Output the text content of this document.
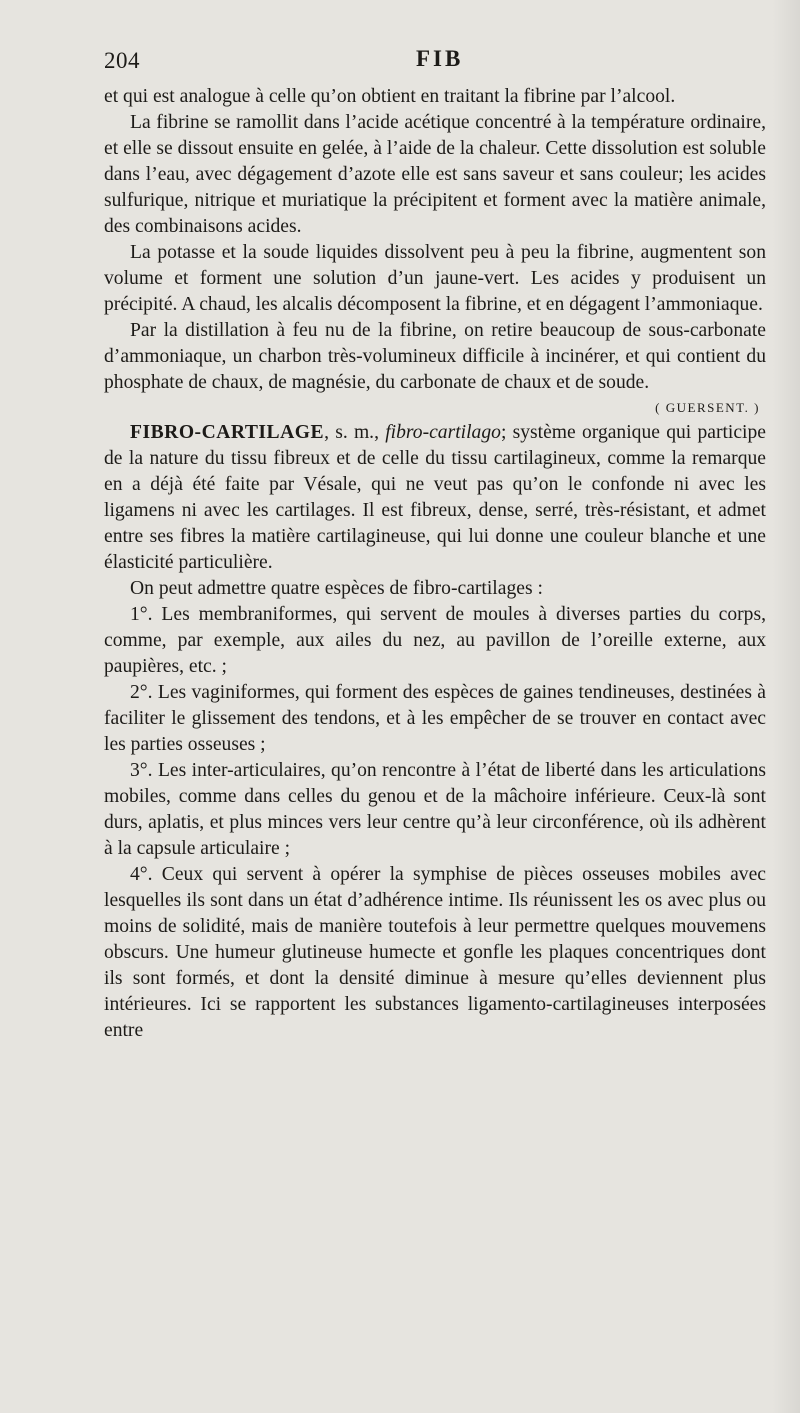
204	FIB

et qui est analogue à celle qu’on obtient en traitant la fibrine par l’alcool.

La fibrine se ramollit dans l’acide acétique concentré à la température ordinaire, et elle se dissout ensuite en gelée, à l’aide de la chaleur. Cette dissolution est soluble dans l’eau, avec dégagement d’azote elle est sans saveur et sans couleur; les acides sulfurique, nitrique et muriatique la précipitent et forment avec la matière animale, des combinaisons acides.

La potasse et la soude liquides dissolvent peu à peu la fibrine, augmentent son volume et forment une solution d’un jaune-vert. Les acides y produisent un précipité. A chaud, les alcalis décomposent la fibrine, et en dégagent l’ammoniaque.

Par la distillation à feu nu de la fibrine, on retire beaucoup de sous-carbonate d’ammoniaque, un charbon très-volumineux difficile à incinérer, et qui contient du phosphate de chaux, de magnésie, du carbonate de chaux et de soude.

( GUERSENT. )

FIBRO-CARTILAGE, s. m., fibro-cartilago; système organique qui participe de la nature du tissu fibreux et de celle du tissu cartilagineux, comme la remarque en a déjà été faite par Vésale, qui ne veut pas qu’on le confonde ni avec les ligamens ni avec les cartilages. Il est fibreux, dense, serré, très-résistant, et admet entre ses fibres la matière cartilagineuse, qui lui donne une couleur blanche et une élasticité particulière.

On peut admettre quatre espèces de fibro-cartilages :

1°. Les membraniformes, qui servent de moules à diverses parties du corps, comme, par exemple, aux ailes du nez, au pavillon de l’oreille externe, aux paupières, etc. ;

2°. Les vaginiformes, qui forment des espèces de gaines tendineuses, destinées à faciliter le glissement des tendons, et à les empêcher de se trouver en contact avec les parties osseuses ;

3°. Les inter-articulaires, qu’on rencontre à l’état de liberté dans les articulations mobiles, comme dans celles du genou et de la mâchoire inférieure. Ceux-là sont durs, aplatis, et plus minces vers leur centre qu’à leur circonférence, où ils adhèrent à la capsule articulaire ;

4°. Ceux qui servent à opérer la symphise de pièces osseuses mobiles avec lesquelles ils sont dans un état d’adhérence intime. Ils réunissent les os avec plus ou moins de solidité, mais de manière toutefois à leur permettre quelques mouvemens obscurs. Une humeur glutineuse humecte et gonfle les plaques concentriques dont ils sont formés, et dont la densité diminue à mesure qu’elles deviennent plus intérieures. Ici se rapportent les substances ligamento-cartilagineuses interposées entre
